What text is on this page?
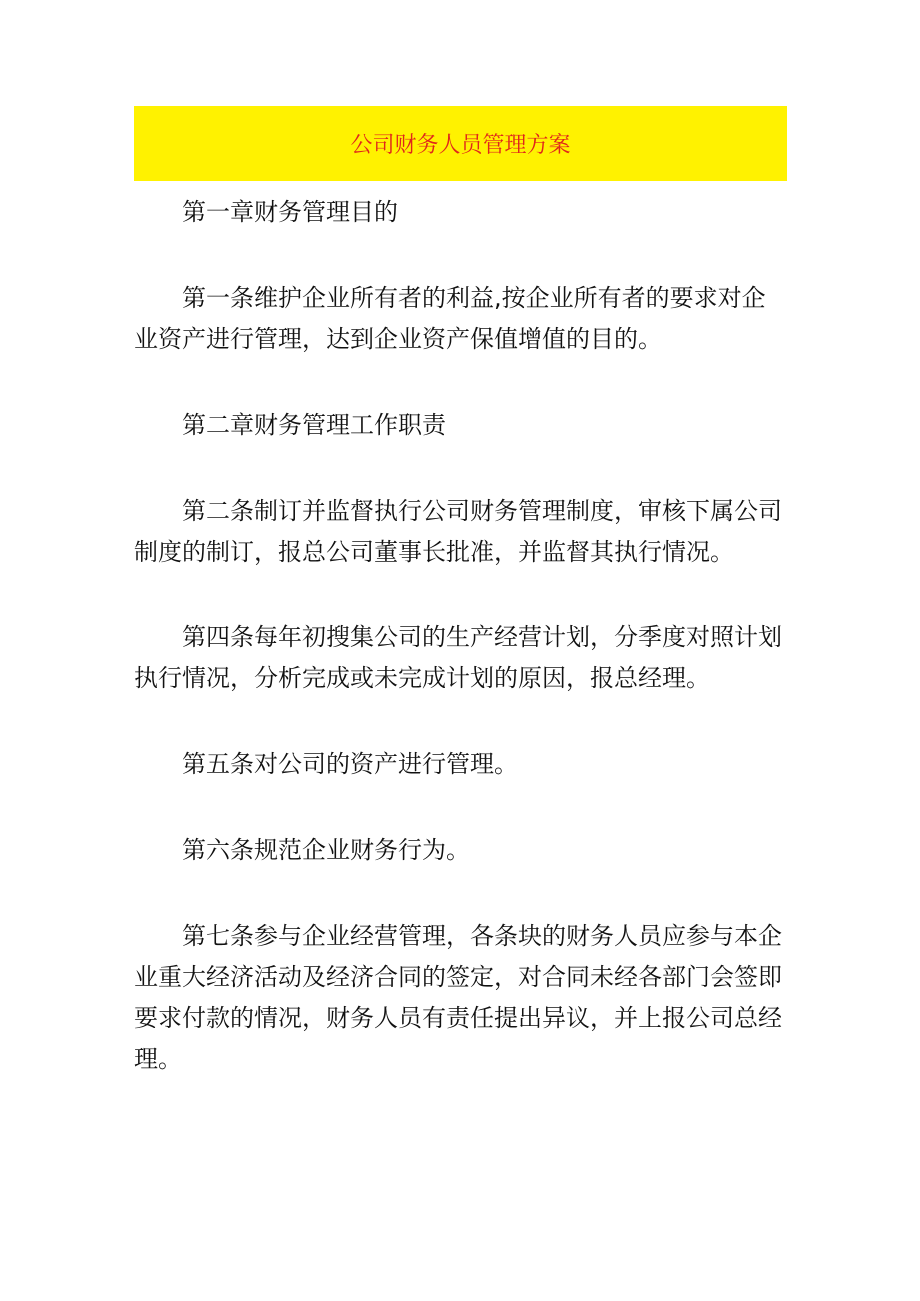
公司财务人员管理方案

第一章财务管理目的

第一条维护企业所有者的利益,按企业所有者的要求对企业资产进行管理，达到企业资产保值增值的目的。

第二章财务管理工作职责

第二条制订并监督执行公司财务管理制度，审核下属公司制度的制订，报总公司董事长批准，并监督其执行情况。

第四条每年初搜集公司的生产经营计划，分季度对照计划执行情况，分析完成或未完成计划的原因，报总经理。

第五条对公司的资产进行管理。

第六条规范企业财务行为。

第七条参与企业经营管理，各条块的财务人员应参与本企业重大经济活动及经济合同的签定，对合同未经各部门会签即要求付款的情况，财务人员有责任提出异议，并上报公司总经理。
